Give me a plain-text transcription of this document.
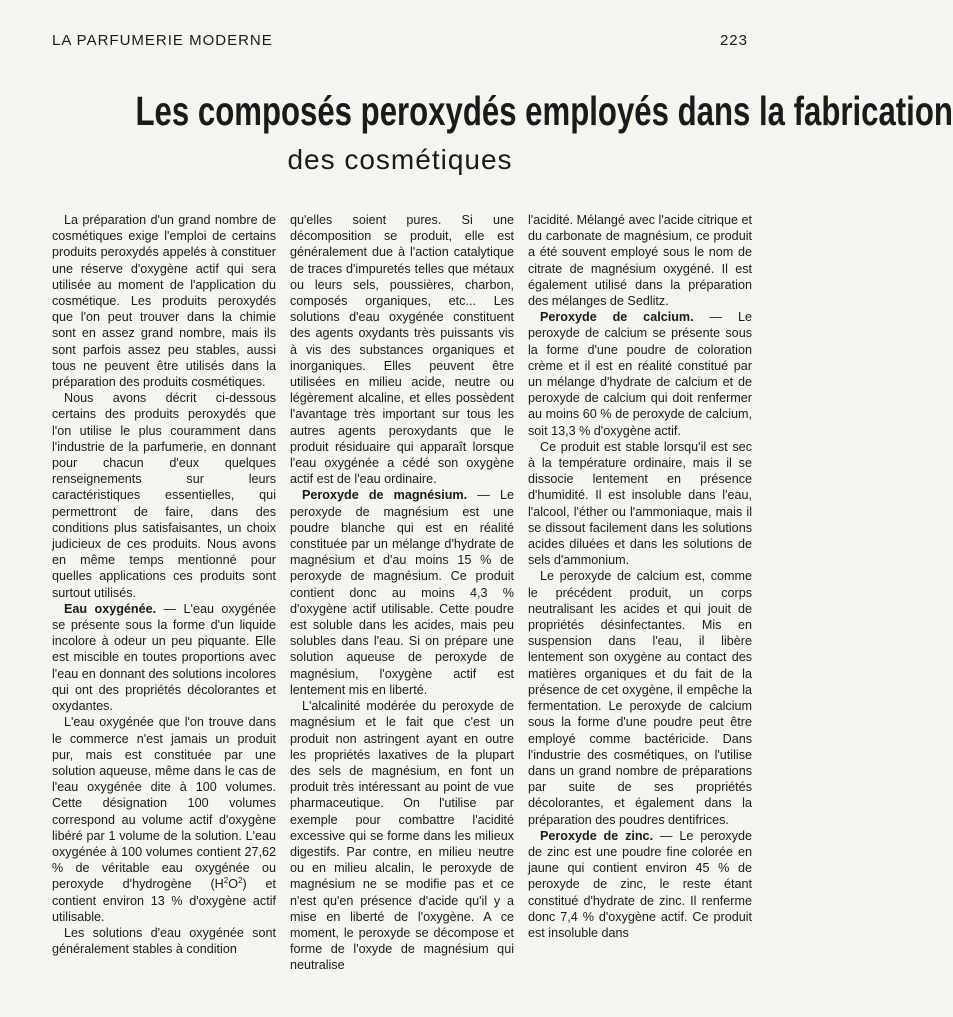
LA PARFUMERIE MODERNE	223
Les composés peroxydés employés dans la fabrication
des cosmétiques

La préparation d'un grand nombre de cosmétiques exige l'emploi de certains produits peroxydés appelés à constituer une réserve d'oxygène actif qui sera utilisée au moment de l'application du cosmétique. Les produits peroxydés que l'on peut trouver dans la chimie sont en assez grand nombre, mais ils sont parfois assez peu stables, aussi tous ne peuvent être utilisés dans la préparation des produits cosmétiques.

Nous avons décrit ci-dessous certains des produits peroxydés que l'on utilise le plus couramment dans l'industrie de la parfumerie, en donnant pour chacun d'eux quelques renseignements sur leurs caractéristiques essentielles, qui permettront de faire, dans des conditions plus satisfaisantes, un choix judicieux de ces produits. Nous avons en même temps mentionné pour quelles applications ces produits sont surtout utilisés.

Eau oxygénée. — L'eau oxygénée se présente sous la forme d'un liquide incolore à odeur un peu piquante. Elle est miscible en toutes proportions avec l'eau en donnant des solutions incolores qui ont des propriétés décolorantes et oxydantes.

L'eau oxygénée que l'on trouve dans le commerce n'est jamais un produit pur, mais est constituée par une solution aqueuse, même dans le cas de l'eau oxygénée dite à 100 volumes. Cette désignation 100 volumes correspond au volume actif d'oxygène libéré par 1 volume de la solution. L'eau oxygénée à 100 volumes contient 27,62 % de véritable eau oxygénée ou peroxyde d'hydrogène $(H^2O^2)$ et contient environ 13 % d'oxygène actif utilisable.

Les solutions d'eau oxygénée sont généralement stables à condition

qu'elles soient pures. Si une décomposition se produit, elle est généralement due à l'action catalytique de traces d'impuretés telles que métaux ou leurs sels, poussières, charbon, composés organiques, etc... Les solutions d'eau oxygénée constituent des agents oxydants très puissants vis à vis des substances organiques et inorganiques. Elles peuvent être utilisées en milieu acide, neutre ou légèrement alcaline, et elles possèdent l'avantage très important sur tous les autres agents peroxydants que le produit résiduaire qui apparaît lorsque l'eau oxygénée a cédé son oxygène actif est de l'eau ordinaire.

Peroxyde de magnésium. — Le peroxyde de magnésium est une poudre blanche qui est en réalité constituée par un mélange d'hydrate de magnésium et d'au moins 15 % de peroxyde de magnésium. Ce produit contient donc au moins 4,3 % d'oxygène actif utilisable. Cette poudre est soluble dans les acides, mais peu solubles dans l'eau. Si on prépare une solution aqueuse de peroxyde de magnésium, l'oxygène actif est lentement mis en liberté.

L'alcalinité modérée du peroxyde de magnésium et le fait que c'est un produit non astringent ayant en outre les propriétés laxatives de la plupart des sels de magnésium, en font un produit très intéressant au point de vue pharmaceutique. On l'utilise par exemple pour combattre l'acidité excessive qui se forme dans les milieux digestifs. Par contre, en milieu neutre ou en milieu alcalin, le peroxyde de magnésium ne se modifie pas et ce n'est qu'en présence d'acide qu'il y a mise en liberté de l'oxygène. A ce moment, le peroxyde se décompose et forme de l'oxyde de magnésium qui neutralise

l'acidité. Mélangé avec l'acide citrique et du carbonate de magnésium, ce produit a été souvent employé sous le nom de citrate de magnésium oxygéné. Il est également utilisé dans la préparation des mélanges de Sedlitz.

Peroxyde de calcium. — Le peroxyde de calcium se présente sous la forme d'une poudre de coloration crème et il est en réalité constitué par un mélange d'hydrate de calcium et de peroxyde de calcium qui doit renfermer au moins 60 % de peroxyde de calcium, soit 13,3 % d'oxygène actif.

Ce produit est stable lorsqu'il est sec à la température ordinaire, mais il se dissocie lentement en présence d'humidité. Il est insoluble dans l'eau, l'alcool, l'éther ou l'ammoniaque, mais il se dissout facilement dans les solutions acides diluées et dans les solutions de sels d'ammonium.

Le peroxyde de calcium est, comme le précédent produit, un corps neutralisant les acides et qui jouit de propriétés désinfectantes. Mis en suspension dans l'eau, il libère lentement son oxygène au contact des matières organiques et du fait de la présence de cet oxygène, il empêche la fermentation. Le peroxyde de calcium sous la forme d'une poudre peut être employé comme bactéricide. Dans l'industrie des cosmétiques, on l'utilise dans un grand nombre de préparations par suite de ses propriétés décolorantes, et également dans la préparation des poudres dentifrices.

Peroxyde de zinc. — Le peroxyde de zinc est une poudre fine colorée en jaune qui contient environ 45 % de peroxyde de zinc, le reste étant constitué d'hydrate de zinc. Il renferme donc 7,4 % d'oxygène actif. Ce produit est insoluble dans
